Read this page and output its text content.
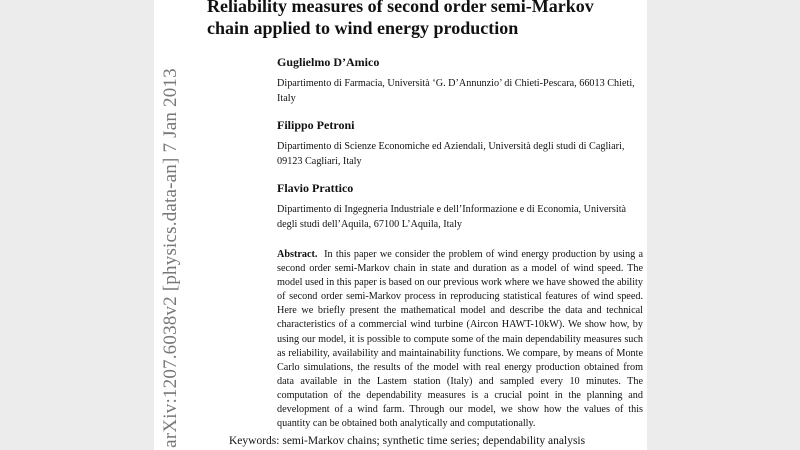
Reliability measures of second order semi-Markov chain applied to wind energy production
Guglielmo D’Amico
Dipartimento di Farmacia, Università ‘G. D’Annunzio’ di Chieti-Pescara, 66013 Chieti, Italy
Filippo Petroni
Dipartimento di Scienze Economiche ed Aziendali, Università degli studi di Cagliari, 09123 Cagliari, Italy
Flavio Prattico
Dipartimento di Ingegneria Industriale e dell’Informazione e di Economia, Università degli studi dell’Aquila, 67100 L’Aquila, Italy
Abstract. In this paper we consider the problem of wind energy production by using a second order semi-Markov chain in state and duration as a model of wind speed. The model used in this paper is based on our previous work where we have showed the ability of second order semi-Markov process in reproducing statistical features of wind speed. Here we briefly present the mathematical model and describe the data and technical characteristics of a commercial wind turbine (Aircon HAWT-10kW). We show how, by using our model, it is possible to compute some of the main dependability measures such as reliability, availability and maintainability functions. We compare, by means of Monte Carlo simulations, the results of the model with real energy production obtained from data available in the Lastem station (Italy) and sampled every 10 minutes. The computation of the dependability measures is a crucial point in the planning and development of a wind farm. Through our model, we show how the values of this quantity can be obtained both analytically and computationally.
Keywords: semi-Markov chains; synthetic time series; dependability analysis
arXiv:1207.6038v2 [physics.data-an] 7 Jan 2013
